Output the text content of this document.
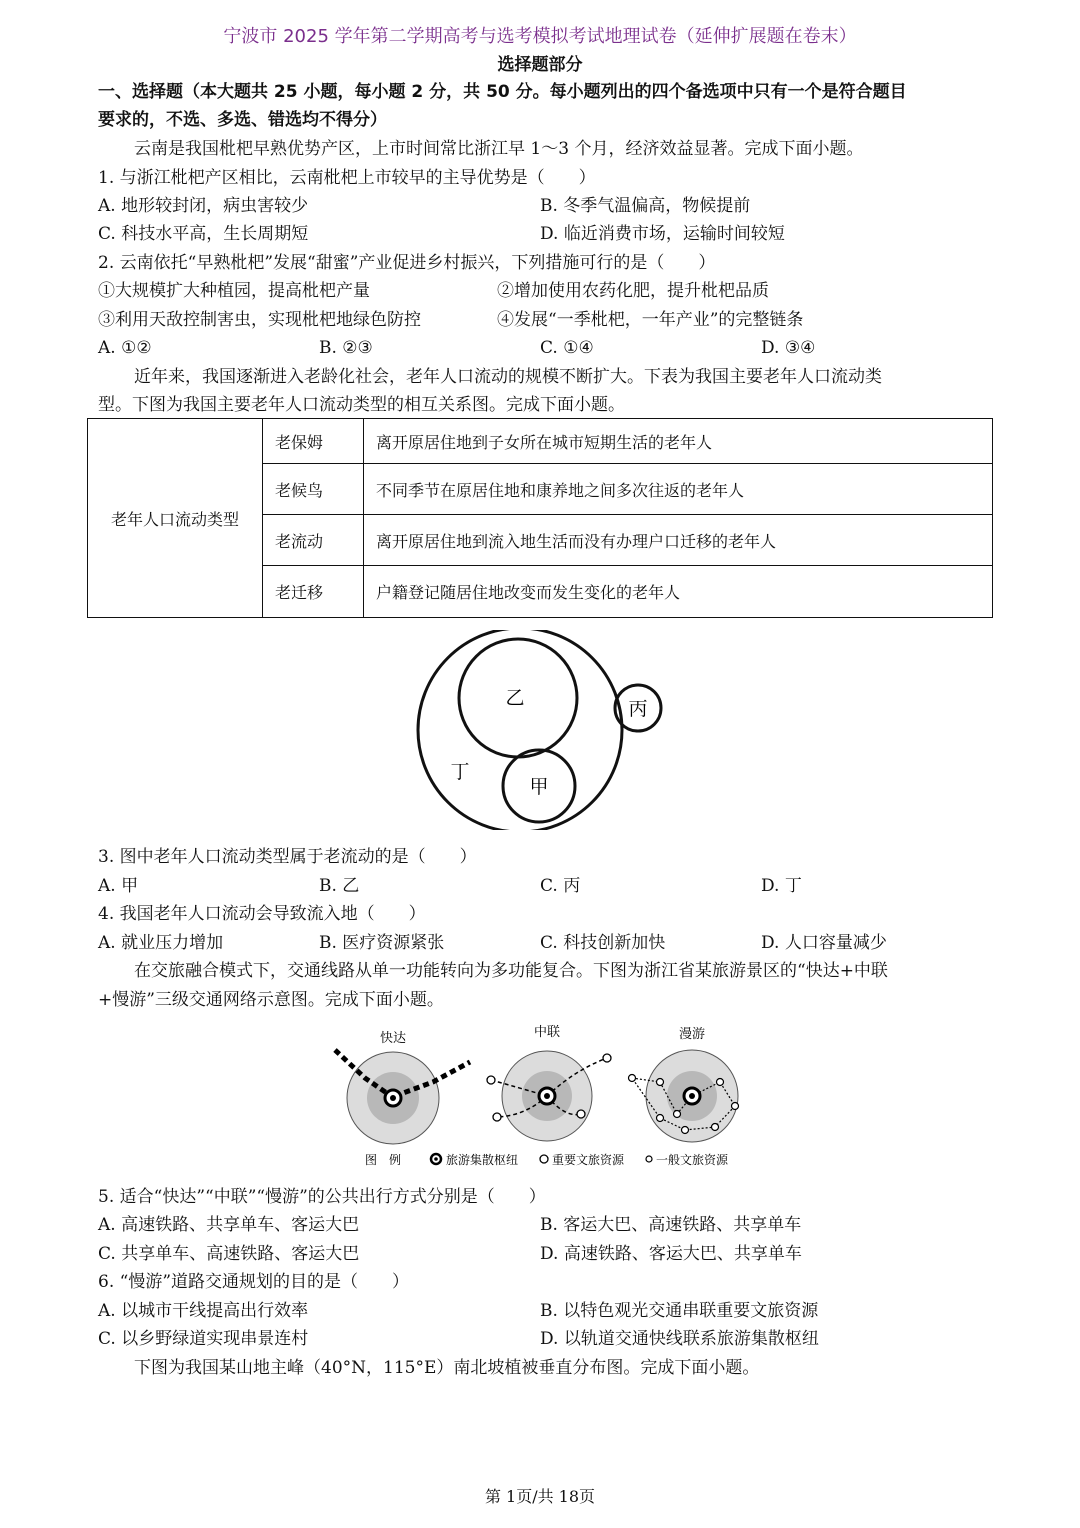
宁波市 2025 学年第二学期高考与选考模拟考试地理试卷（延伸扩展题在卷末）
选择题部分
一、选择题（本大题共 25 小题，每小题 2 分，共 50 分。每小题列出的四个备选项中只有一个是符合题目
要求的，不选、多选、错选均不得分）
云南是我国枇杷早熟优势产区，上市时间常比浙江早 1～3 个月，经济效益显著。完成下面小题。
1. 与浙江枇杷产区相比，云南枇杷上市较早的主导优势是（　　）
A. 地形较封闭，病虫害较少	B. 冬季气温偏高，物候提前
C. 科技水平高，生长周期短	D. 临近消费市场，运输时间较短
2. 云南依托“早熟枇杷”发展“甜蜜”产业促进乡村振兴，下列措施可行的是（　　）
①大规模扩大种植园，提高枇杷产量	②增加使用农药化肥，提升枇杷品质
③利用天敌控制害虫，实现枇杷地绿色防控	④发展“一季枇杷，一年产业”的完整链条
A. ①②	B. ②③	C. ①④	D. ③④
近年来，我国逐渐进入老龄化社会，老年人口流动的规模不断扩大。下表为我国主要老年人口流动类
型。下图为我国主要老年人口流动类型的相互关系图。完成下面小题。
老年人口流动类型	老保姆	离开原居住地到子女所在城市短期生活的老年人
	老候鸟	不同季节在原居住地和康养地之间多次往返的老年人
	老流动	离开原居住地到流入地生活而没有办理户口迁移的老年人
	老迁移	户籍登记随居住地改变而发生变化的老年人
乙	丙
丁
甲
3. 图中老年人口流动类型属于老流动的是（　　）
A. 甲	B. 乙	C. 丙	D. 丁
4. 我国老年人口流动会导致流入地（　　）
A. 就业压力增加	B. 医疗资源紧张	C. 科技创新加快	D. 人口容量减少
在交旅融合模式下，交通线路从单一功能转向为多功能复合。下图为浙江省某旅游景区的“快达+中联
+慢游”三级交通网络示意图。完成下面小题。
快达	中联	漫游
图　例	旅游集散枢纽	重要文旅资源	一般文旅资源
5. 适合“快达”“中联”“慢游”的公共出行方式分别是（　　）
A. 高速铁路、共享单车、客运大巴	B. 客运大巴、高速铁路、共享单车
C. 共享单车、高速铁路、客运大巴	D. 高速铁路、客运大巴、共享单车
6. “慢游”道路交通规划的目的是（　　）
A. 以城市干线提高出行效率	B. 以特色观光交通串联重要文旅资源
C. 以乡野绿道实现串景连村	D. 以轨道交通快线联系旅游集散枢纽
下图为我国某山地主峰（40°N，115°E）南北坡植被垂直分布图。完成下面小题。
第 1页/共 18页
